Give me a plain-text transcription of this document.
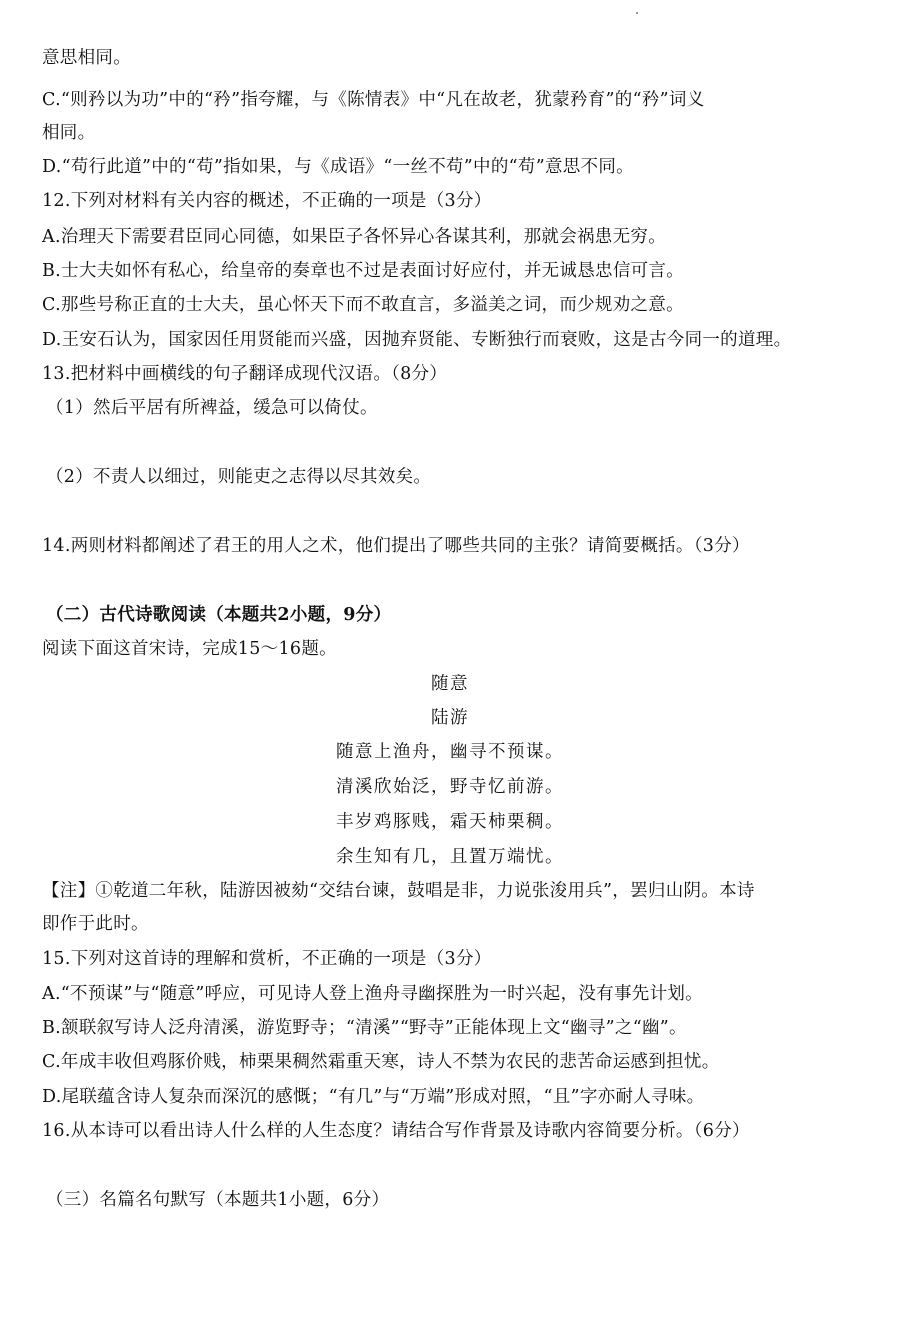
意思相同。
C.“则矜以为功”中的“矜”指夸耀，与《陈情表》中“凡在故老，犹蒙矜育”的“矜”词义
相同。
D.“苟行此道”中的“苟”指如果，与《成语》“一丝不苟”中的“苟”意思不同。
12.下列对材料有关内容的概述，不正确的一项是（3分）
A.治理天下需要君臣同心同德，如果臣子各怀异心各谋其利，那就会祸患无穷。
B.士大夫如怀有私心，给皇帝的奏章也不过是表面讨好应付，并无诚恳忠信可言。
C.那些号称正直的士大夫，虽心怀天下而不敢直言，多溢美之词，而少规劝之意。
D.王安石认为，国家因任用贤能而兴盛，因抛弃贤能、专断独行而衰败，这是古今同一的道理。
13.把材料中画横线的句子翻译成现代汉语。（8分）
（1）然后平居有所裨益，缓急可以倚仗。
（2）不责人以细过，则能吏之志得以尽其效矣。
14.两则材料都阐述了君王的用人之术，他们提出了哪些共同的主张？请简要概括。（3分）
（二）古代诗歌阅读（本题共2小题，9分）
阅读下面这首宋诗，完成15～16题。
随意
陆游
随意上渔舟，幽寻不预谋。
清溪欣始泛，野寺忆前游。
丰岁鸡豚贱，霜天柿栗稠。
余生知有几，且置万端忧。
【注】①乾道二年秋，陆游因被劾“交结台谏，鼓唱是非，力说张浚用兵”，罢归山阴。本诗
即作于此时。
15.下列对这首诗的理解和赏析，不正确的一项是（3分）
A.“不预谋”与“随意”呼应，可见诗人登上渔舟寻幽探胜为一时兴起，没有事先计划。
B.颔联叙写诗人泛舟清溪，游览野寺；“清溪”“野寺”正能体现上文“幽寻”之“幽”。
C.年成丰收但鸡豚价贱，柿栗果稠然霜重天寒，诗人不禁为农民的悲苦命运感到担忧。
D.尾联蕴含诗人复杂而深沉的感慨；“有几”与“万端”形成对照，“且”字亦耐人寻味。
16.从本诗可以看出诗人什么样的人生态度？请结合写作背景及诗歌内容简要分析。（6分）
（三）名篇名句默写（本题共1小题，6分）
